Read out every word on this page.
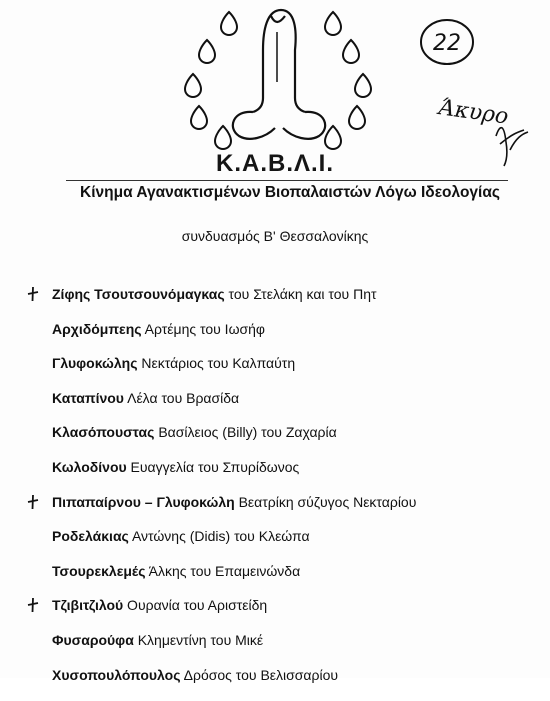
Κ.Α.Β.Λ.Ι.
Κίνημα Αγανακτισμένων Βιοπαλαιστών Λόγω Ιδεολογίας
συνδυασμός Β' Θεσσαλονίκης
22
Άκυρο
Ζίφης Τσουτσουνόμαγκας του Στελάκη και του Πητ
Αρχιδόμπεης Αρτέμης του Ιωσήφ
Γλυφοκώλης Νεκτάριος του Καλπαύτη
Καταπίνου Λέλα του Βρασίδα
Κλασόπουστας Βασίλειος (Billy) του Ζαχαρία
Κωλοδίνου Ευαγγελία του Σπυρίδωνος
Πιπαπαίρνου – Γλυφοκώλη Βεατρίκη σύζυγος Νεκταρίου
Ροδελάκιας Αντώνης (Didis) του Κλεώπα
Τσουρεκλεμές Άλκης του Επαμεινώνδα
Τζιβιτζιλού Ουρανία του Αριστείδη
Φυσαρούφα Κλημεντίνη του Μικέ
Χυσοπουλόπουλος Δρόσος του Βελισσαρίου
